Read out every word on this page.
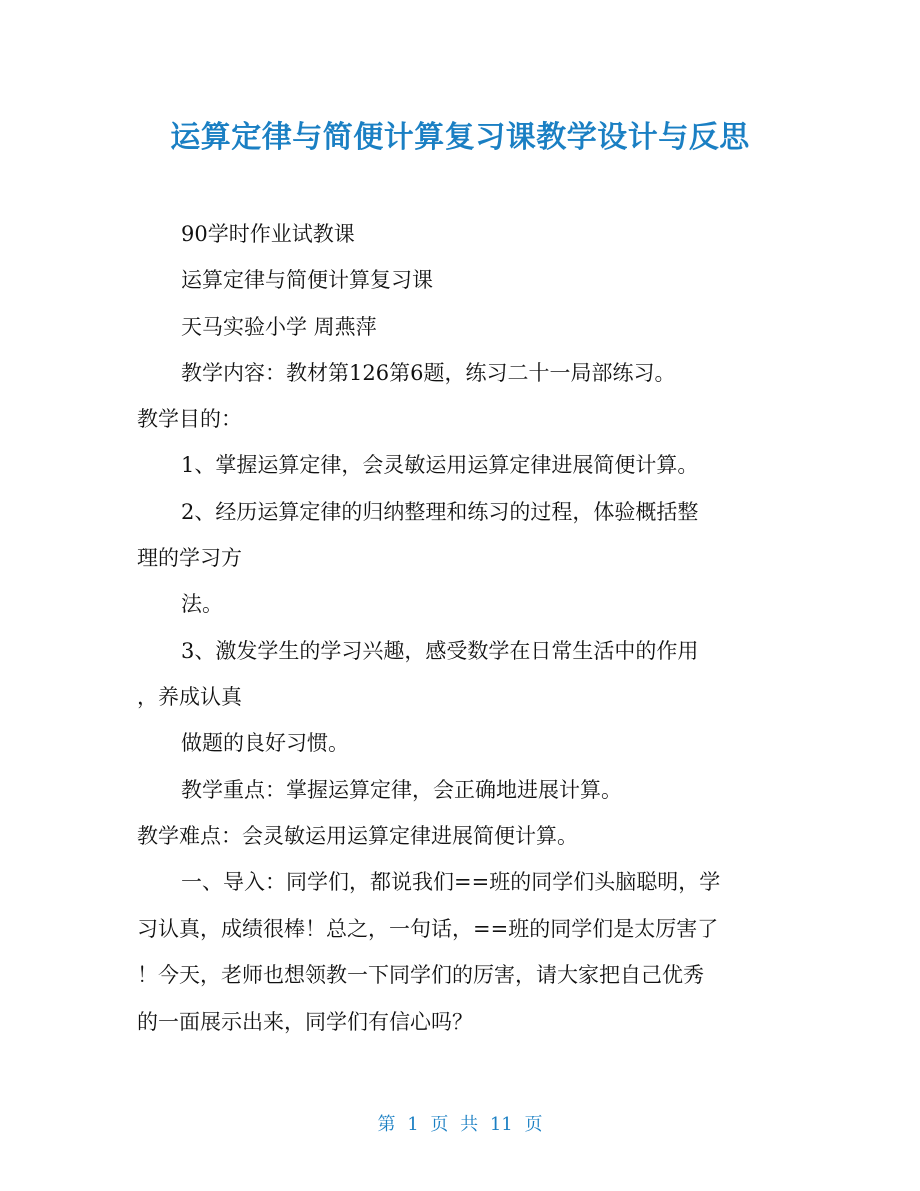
运算定律与简便计算复习课教学设计与反思
90学时作业试教课
运算定律与简便计算复习课
天马实验小学 周燕萍
教学内容：教材第126第6题，练习二十一局部练习。
教学目的：
1、掌握运算定律，会灵敏运用运算定律进展简便计算。
2、经历运算定律的归纳整理和练习的过程，体验概括整
理的学习方
法。
3、激发学生的学习兴趣，感受数学在日常生活中的作用
，养成认真
做题的良好习惯。
教学重点：掌握运算定律，会正确地进展计算。
教学难点：会灵敏运用运算定律进展简便计算。
一、导入：同学们，都说我们==班的同学们头脑聪明，学
习认真，成绩很棒！总之，一句话，==班的同学们是太厉害了
！今天，老师也想领教一下同学们的厉害，请大家把自己优秀
的一面展示出来，同学们有信心吗？
第 1 页 共 11 页
